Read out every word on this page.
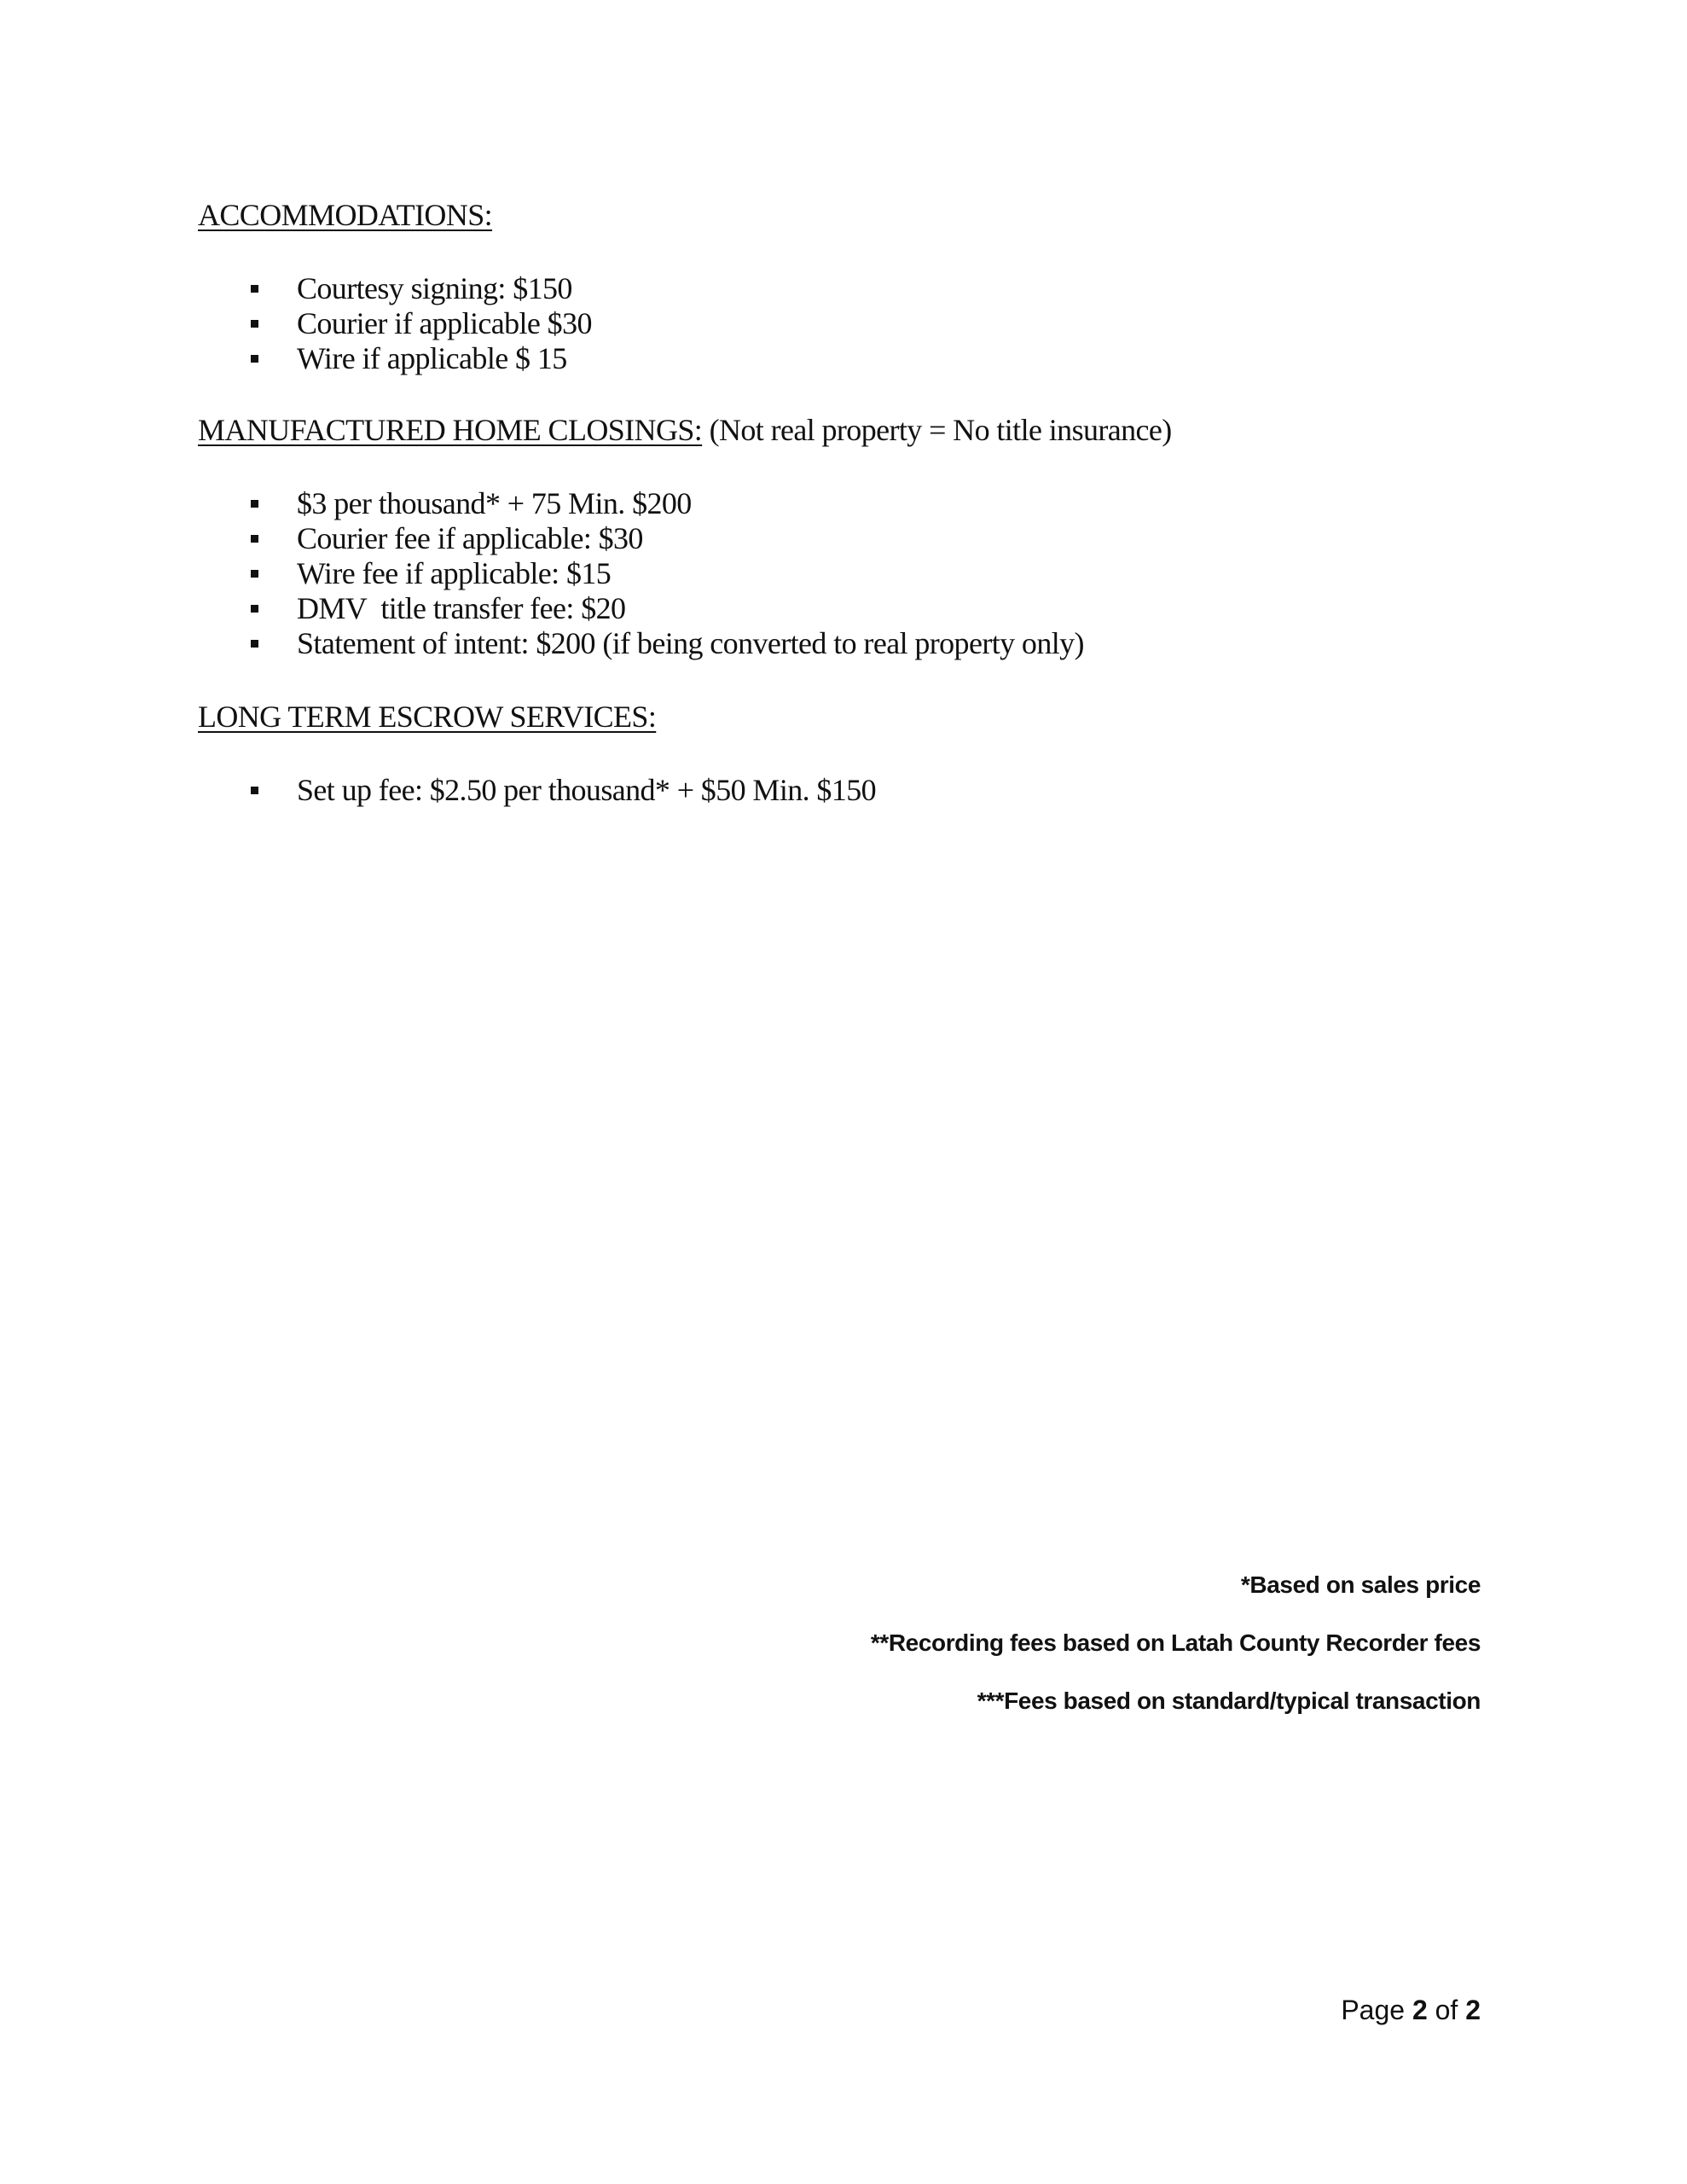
ACCOMMODATIONS:
Courtesy signing: $150
Courier if applicable $30
Wire if applicable $ 15
MANUFACTURED HOME CLOSINGS: (Not real property = No title insurance)
$3 per thousand* + 75 Min. $200
Courier fee if applicable: $30
Wire fee if applicable: $15
DMV  title transfer fee: $20
Statement of intent: $200 (if being converted to real property only)
LONG TERM ESCROW SERVICES:
Set up fee: $2.50 per thousand* + $50 Min. $150
*Based on sales price
**Recording fees based on Latah County Recorder fees
***Fees based on standard/typical transaction
Page 2 of 2
